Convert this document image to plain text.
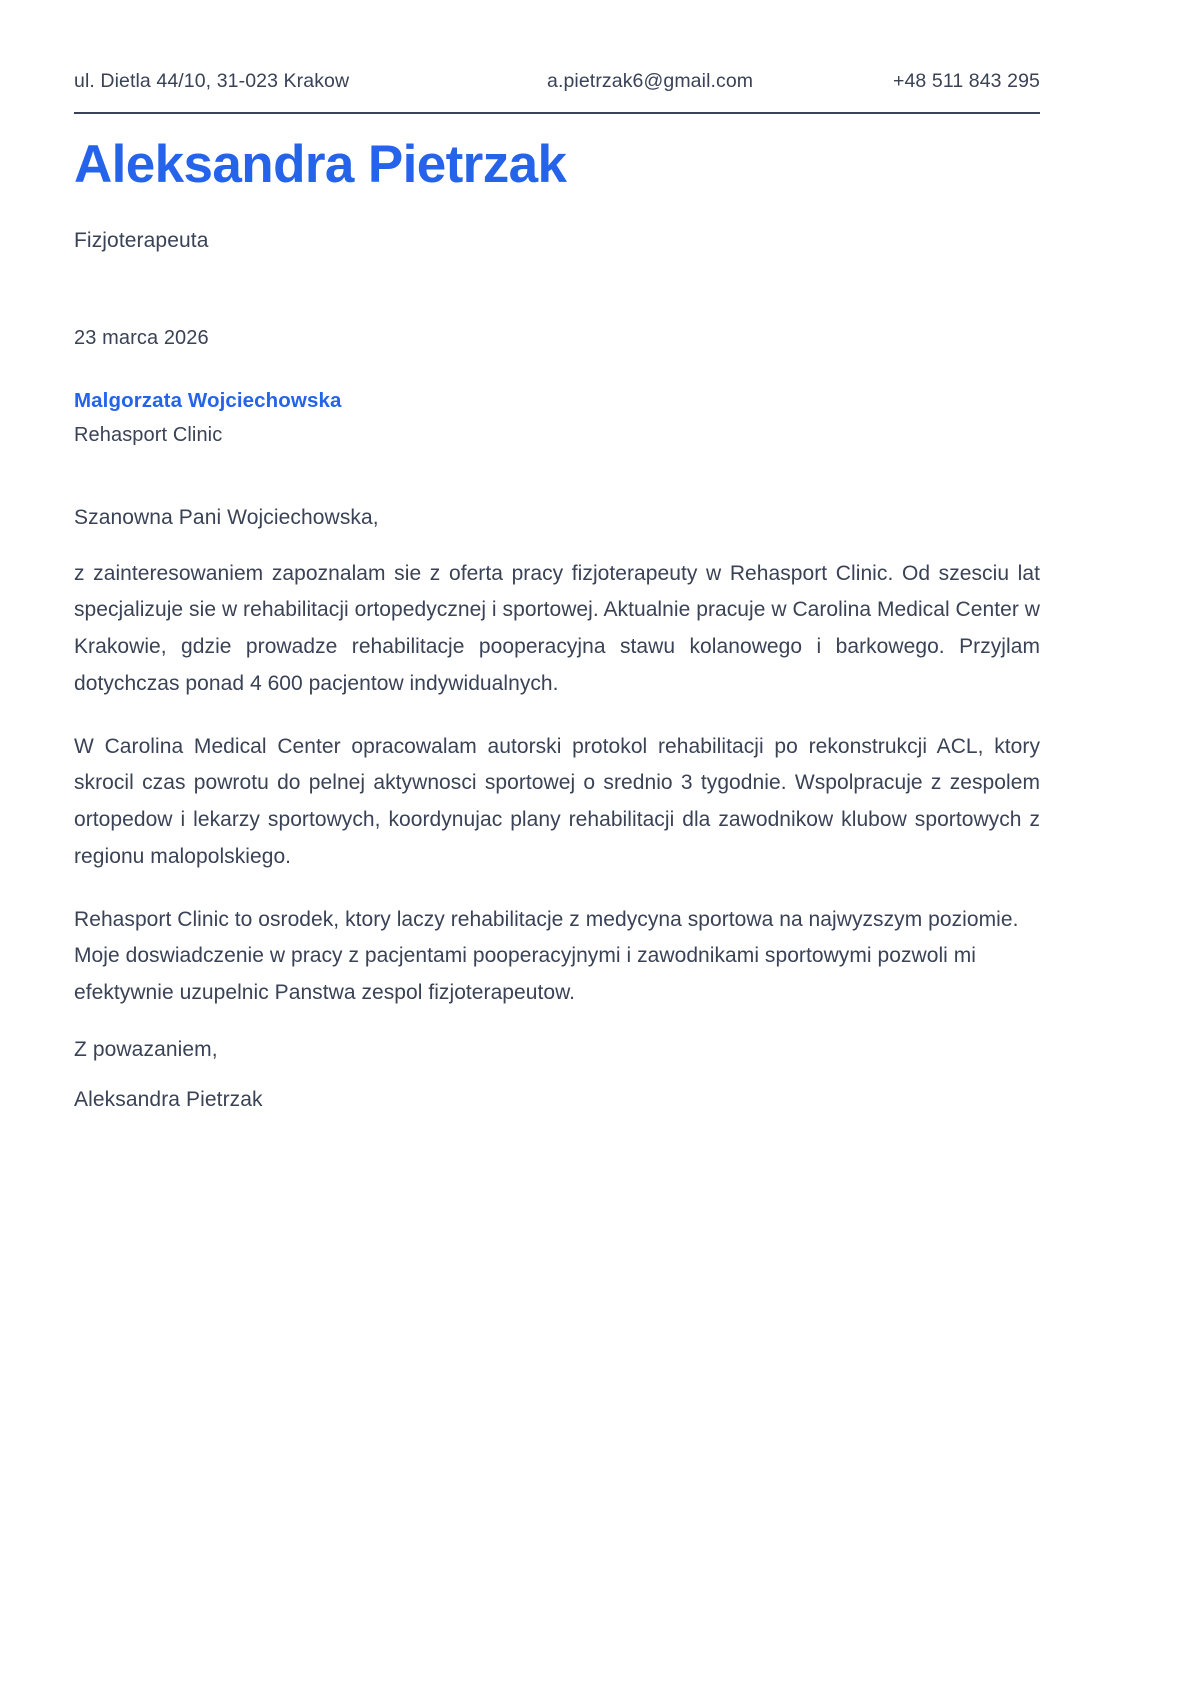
ul. Dietla 44/10, 31-023 Krakow	a.pietrzak6@gmail.com	+48 511 843 295
Aleksandra Pietrzak
Fizjoterapeuta
23 marca 2026
Malgorzata Wojciechowska
Rehasport Clinic
Szanowna Pani Wojciechowska,

z zainteresowaniem zapoznalam sie z oferta pracy fizjoterapeuty w Rehasport Clinic. Od szesciu lat specjalizuje sie w rehabilitacji ortopedycznej i sportowej. Aktualnie pracuje w Carolina Medical Center w Krakowie, gdzie prowadze rehabilitacje pooperacyjna stawu kolanowego i barkowego. Przyjlam dotychczas ponad 4 600 pacjentow indywidualnych.

W Carolina Medical Center opracowalam autorski protokol rehabilitacji po rekonstrukcji ACL, ktory skrocil czas powrotu do pelnej aktywnosci sportowej o srednio 3 tygodnie. Wspolpracuje z zespolem ortopedow i lekarzy sportowych, koordynujac plany rehabilitacji dla zawodnikow klubow sportowych z regionu malopolskiego.

Rehasport Clinic to osrodek, ktory laczy rehabilitacje z medycyna sportowa na najwyzszym poziomie. Moje doswiadczenie w pracy z pacjentami pooperacyjnymi i zawodnikami sportowymi pozwoli mi efektywnie uzupelnic Panstwa zespol fizjoterapeutow.

Z powazaniem,
Aleksandra Pietrzak
